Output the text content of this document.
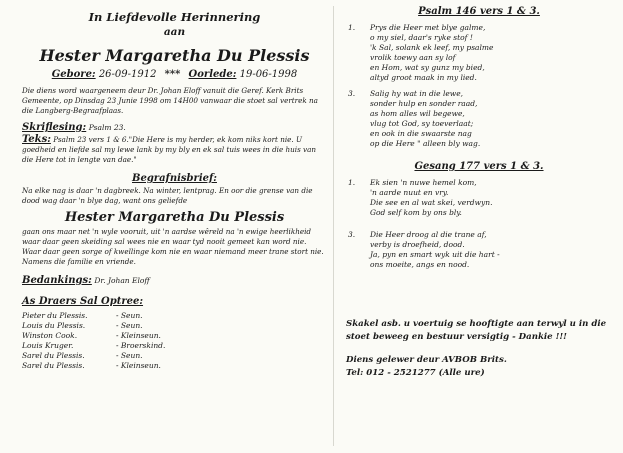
In Liefdevolle Herinnering
aan
Hester Margaretha Du Plessis
Gebore: 26-09-1912 *** Oorlede: 19-06-1998
Die diens word waargeneem deur Dr. Johan Eloff vanuit die Geref. Kerk Brits Gemeente, op Dinsdag 23 Junie 1998 om 14H00 vanwaar die stoet sal vertrek na die Langberg-Begraafplaas.
Skriflesing: Psalm 23.
Teks: Psalm 23 vers 1 & 6."Die Here is my herder, ek kom niks kort nie. U goedheid en liefde sal my lewe lank by my bly en ek sal tuis wees in die huis van die Here tot in lengte van dae."
Begrafnisbrief:
Na elke nag is daar 'n dagbreek. Na winter, lentprag. En oor die grense van die dood wag daar 'n blye dag, want ons geliefde
Hester Margaretha Du Plessis
gaan ons maar net 'n wyle vooruit, uit 'n aardse wêreld na 'n ewige heerlikheid waar daar geen skeiding sal wees nie en waar tyd nooit gemeet kan word nie. Waar daar geen sorge of kwellinge kom nie en waar niemand meer trane stort nie. Namens die familie en vriende.
Bedankings: Dr. Johan Eloff
As Draers Sal Optree:
Pieter du Plessis.	- Seun.
Louis du Plessis.	- Seun.
Winston Cook.	- Kleinseun.
Louis Kruger.	- Broerskind.
Sarel du Plessis.	- Seun.
Sarel du Plessis.	- Kleinseun.
Psalm 146 vers 1 & 3.
1.	Prys die Heer met blye galme,
o my siel, daar's ryke stof !
'k Sal, solank ek leef, my psalme
vrolik toewy aan sy lof
en Hom, wat sy gunz my bied,
altyd groot maak in my lied.
3.	Salig hy wat in die lewe,
sonder hulp en sonder raad,
as hom alles wil begewe,
vlug tot God, sy toeverlaat;
en ook in die swaarste nag
op die Here " alleen bly wag.
Gesang 177 vers 1 & 3.
1.	Ek sien 'n nuwe hemel kom,
'n aarde nuut en vry.
Die see en al wat skei, verdwyn.
God self kom by ons bly.
3.	Die Heer droog al die trane af,
verby is droefheid, dood.
Ja, pyn en smart wyk uit die hart -
ons moeite, angs en nood.
Skakel asb. u voertuig se hooftigte aan terwyl u in die stoet beweeg en bestuur versigtig - Dankie !!!
Diens gelewer deur AVBOB Brits.
Tel: 012 - 2521277 (Alle ure)
